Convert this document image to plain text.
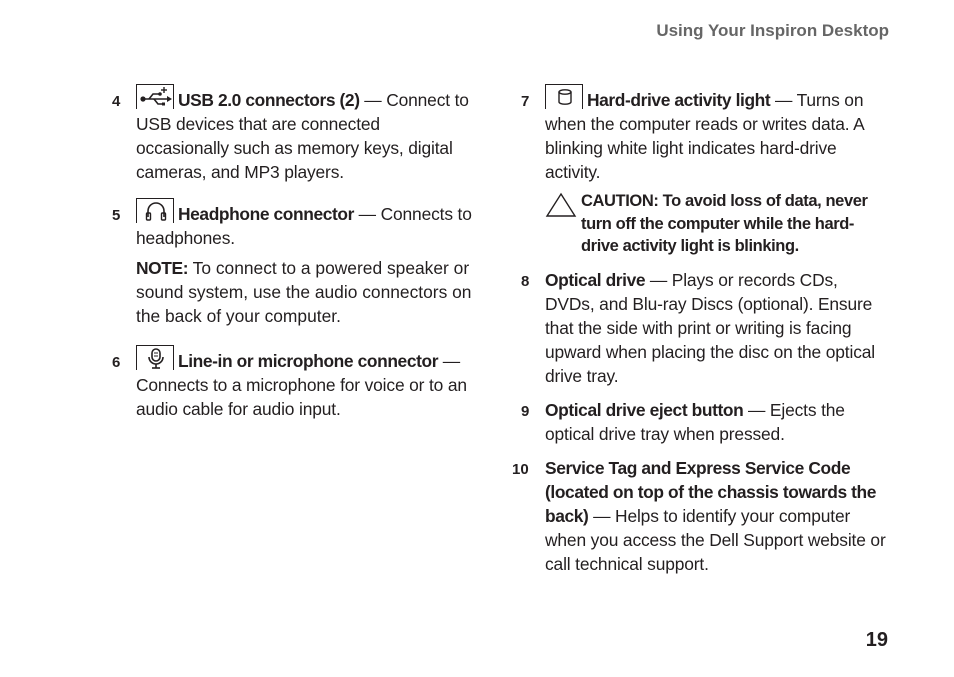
Using Your Inspiron Desktop
4	USB 2.0 connectors (2) — Connect to USB devices that are connected occasionally such as memory keys, digital cameras, and MP3 players.
5	Headphone connector — Connects to headphones.
NOTE: To connect to a powered speaker or sound system, use the audio connectors on the back of your computer.
6	Line-in or microphone connector — Connects to a microphone for voice or to an audio cable for audio input.
7	Hard-drive activity light — Turns on when the computer reads or writes data. A blinking white light indicates hard-drive activity.
CAUTION: To avoid loss of data, never turn off the computer while the hard-drive activity light is blinking.
8 Optical drive — Plays or records CDs, DVDs, and Blu-ray Discs (optional). Ensure that the side with print or writing is facing upward when placing the disc on the optical drive tray.
9 Optical drive eject button — Ejects the optical drive tray when pressed.
10 Service Tag and Express Service Code (located on top of the chassis towards the back) — Helps to identify your computer when you access the Dell Support website or call technical support.
19
